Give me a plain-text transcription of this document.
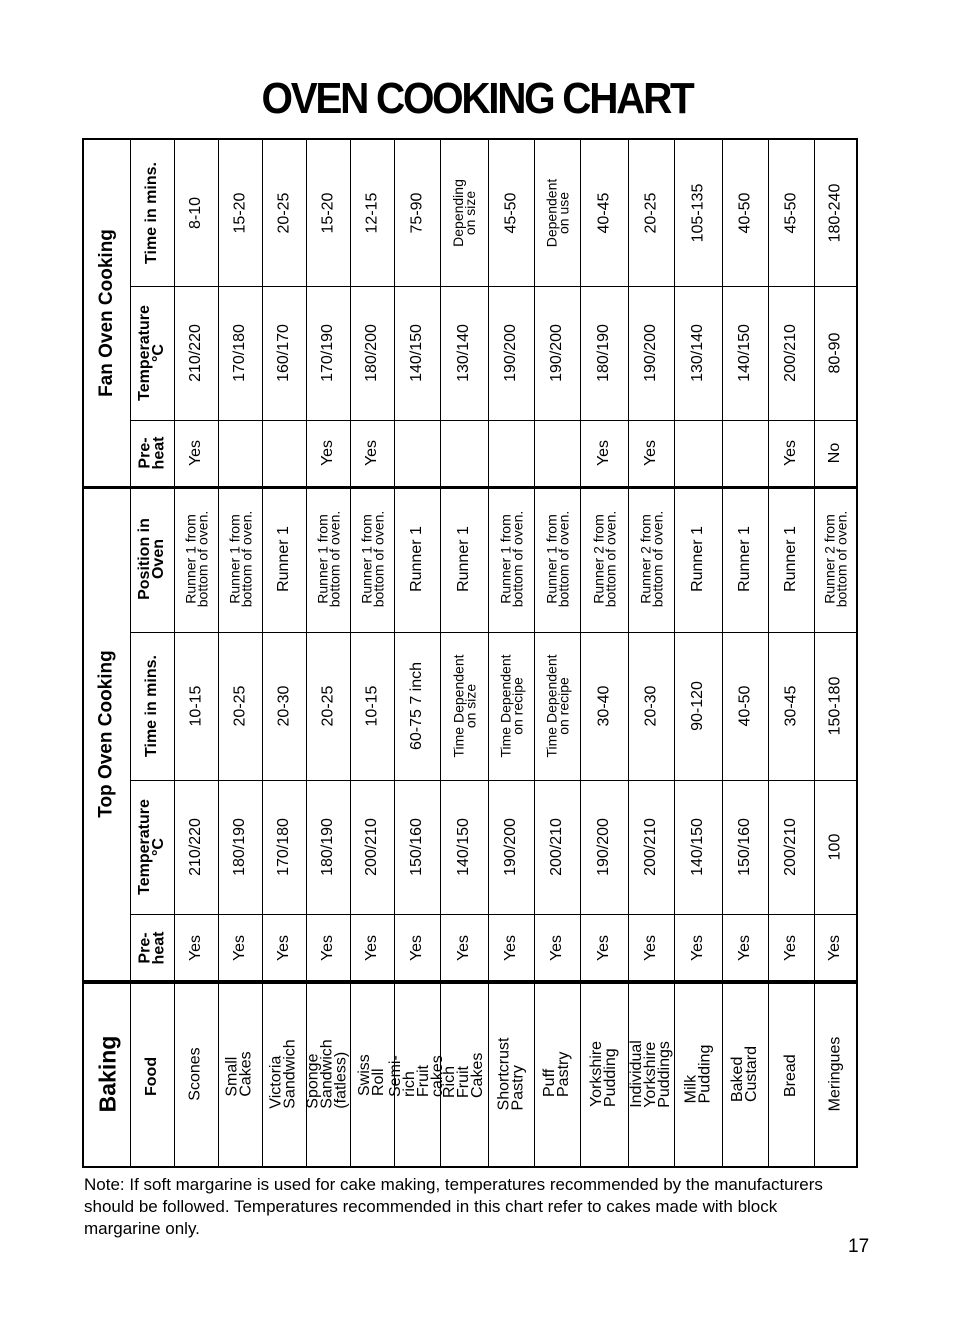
OVEN COOKING CHART
Baking
Top Oven Cooking
Fan Oven Cooking
Food
Pre-
heat
Temperature
°C
Time in mins.
Position in
Oven
Pre-
heat
Temperature
°C
Time in mins.
Scones
Yes
210/220
10-15
Runner 1 from
bottom of oven.
Yes
210/220
8-10
Small Cakes
Yes
180/190
20-25
Runner 1 from
bottom of oven.
170/180
15-20
Victoria Sandwich
Yes
170/180
20-30
Runner 1
160/170
20-25
Sponge Sandwich
(fatless)
Yes
180/190
20-25
Runner 1 from
bottom of oven.
Yes
170/190
15-20
Swiss Roll
Yes
200/210
10-15
Runner 1 from
bottom of oven.
Yes
180/200
12-15
Semi-rich Fruit
cakes
Yes
150/160
60-75 7 inch
Runner 1
140/150
75-90
Rich Fruit Cakes
Yes
140/150
Time Dependent
on size
Runner 1
130/140
Depending
on size
Shortcrust Pastry
Yes
190/200
Time Dependent
on recipe
Runner 1 from
bottom of oven.
190/200
45-50
Puff Pastry
Yes
200/210
Time Dependent
on recipe
Runner 1 from
bottom of oven.
190/200
Dependent
on use
Yorkshire Pudding
Yes
190/200
30-40
Runner 2 from
bottom of oven.
Yes
180/190
40-45
Individual Yorkshire
Puddings
Yes
200/210
20-30
Runner 2 from
bottom of oven.
Yes
190/200
20-25
Milk Pudding
Yes
140/150
90-120
Runner 1
130/140
105-135
Baked Custard
Yes
150/160
40-50
Runner 1
140/150
40-50
Bread
Yes
200/210
30-45
Runner 1
Yes
200/210
45-50
Meringues
Yes
100
150-180
Runner 2 from
bottom of oven.
No
80-90
180-240
Note: If soft margarine is used for cake making, temperatures recommended by the manufacturers should be followed. Temperatures recommended in this chart refer to cakes made with block margarine only.
17
